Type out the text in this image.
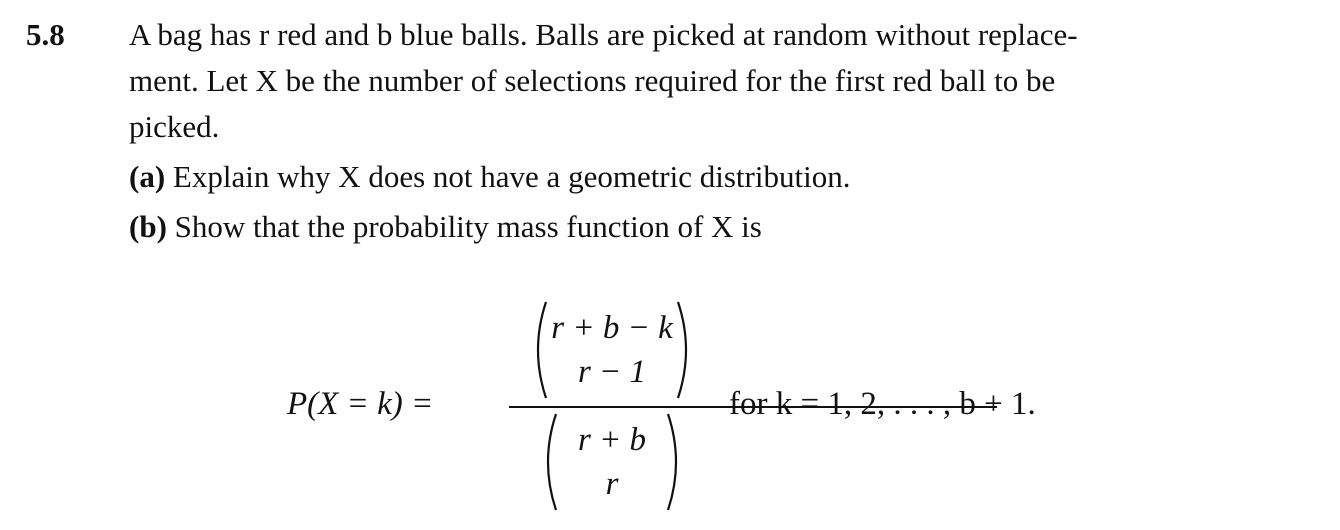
5.8 A bag has r red and b blue balls. Balls are picked at random without replace-
ment. Let X be the number of selections required for the first red ball to be
picked.
(a) Explain why X does not have a geometric distribution.
(b) Show that the probability mass function of X is
P(X = k) =
r + b − k
r − 1
r + b
r
for k = 1, 2, . . . , b + 1.
